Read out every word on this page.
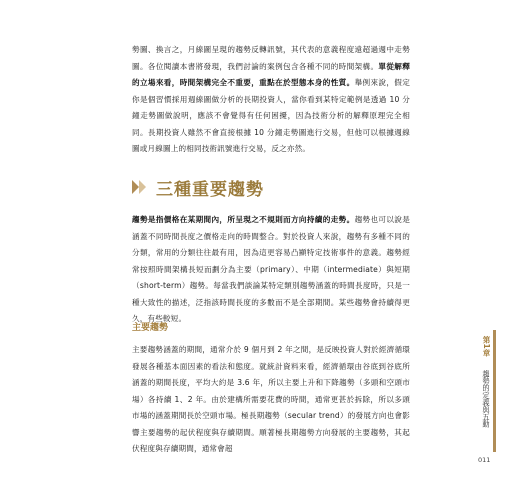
勢圖、換言之，月線圖呈現的趨勢反轉訊號，其代表的意義程度遠超過週中走勢圖。各位閱讀本書將發現，我們討論的案例包含各種不同的時間架構。單從解釋的立場來看，時間架構完全不重要，重點在於型態本身的性質。舉例來說，假定你是個習慣採用週線圖做分析的長期投資人，當你看到某特定範例是透過 10 分鐘走勢圖做說明，應該不會覺得有任何困擾，因為技術分析的解釋原理完全相同。長期投資人雖然不會直接根據 10 分鐘走勢圖進行交易，但他可以根據週線圖或月線圖上的相同技術訊號進行交易，反之亦然。

三種重要趨勢

趨勢是指價格在某期間內，所呈現之不規則而方向持續的走勢。趨勢也可以說是涵蓋不同時間長度之價格走向的時間整合。對於投資人來說，趨勢有多種不同的分類，常用的分類往往最有用，因為這更容易凸顯特定技術事件的意義。趨勢經常按照時間架構長短而劃分為主要（primary）、中期（intermediate）與短期（short-term）趨勢。每當我們談論某特定類別趨勢涵蓋的時間長度時，只是一種大致性的描述，泛指該時間長度的多數而不是全部期間。某些趨勢會持續得更久，有些較短。

主要趨勢

主要趨勢涵蓋的期間，通常介於 9 個月到 2 年之間，是反映投資人對於經濟循環發展各種基本面因素的看法和態度。就統計資料來看，經濟循環由谷底到谷底所涵蓋的期間長度，平均大約是 3.6 年，所以主要上升和下降趨勢（多頭和空頭市場）各持續 1、2 年。由於建構所需要花費的時間，通常更甚於拆除，所以多頭市場的涵蓋期間長於空頭市場。極長期趨勢（secular trend）的發展方向也會影響主要趨勢的起伏程度與存續期間。順著極長期趨勢方向發展的主要趨勢，其起伏程度與存續期間，通常會超

第1章
趨勢的定義與五動
011
